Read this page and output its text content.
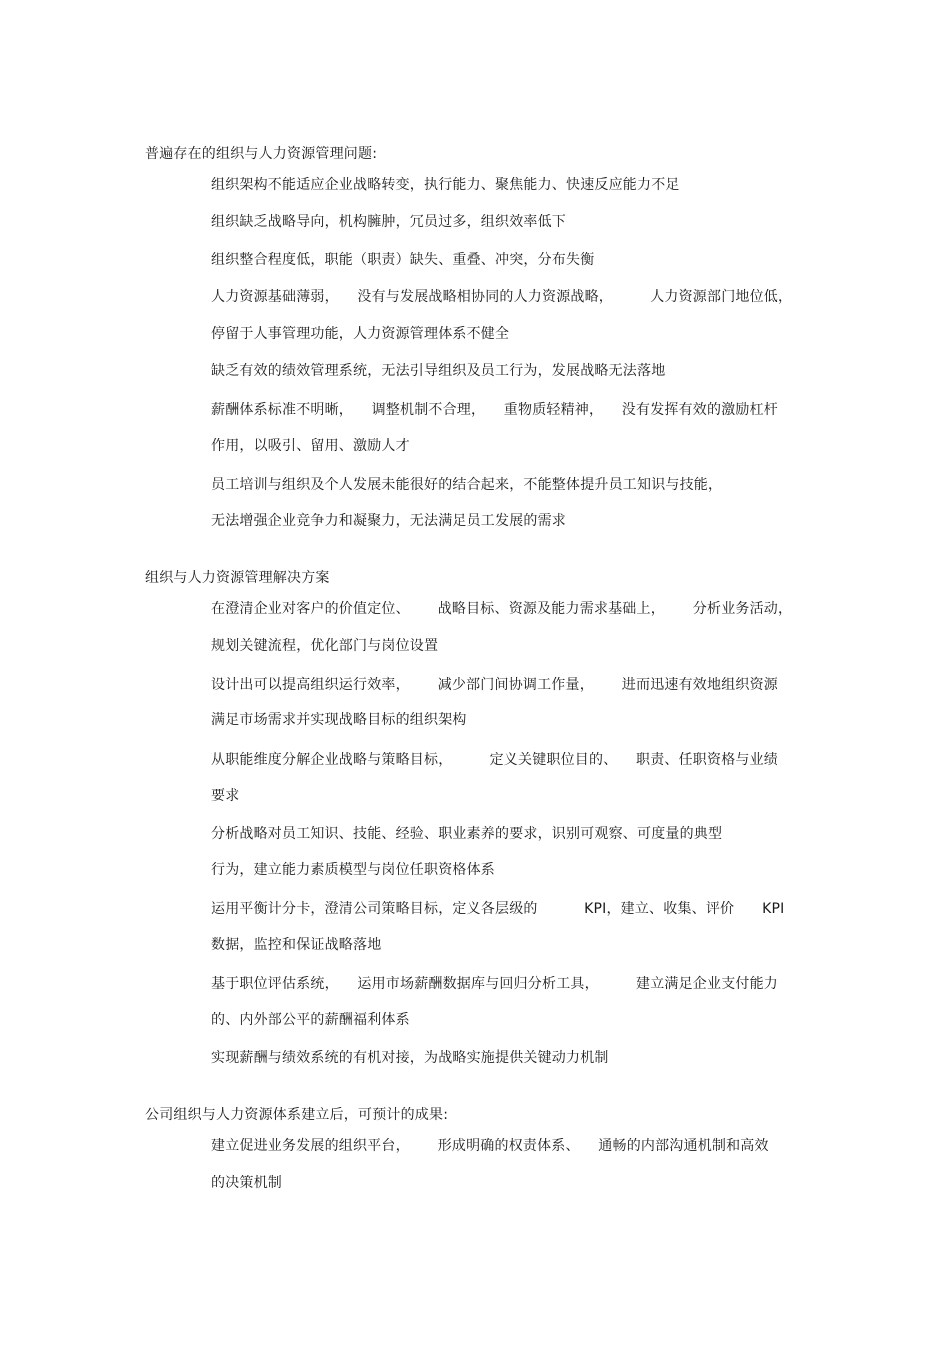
普遍存在的组织与人力资源管理问题:
组织架构不能适应企业战略转变，执行能力、聚焦能力、快速反应能力不足
组织缺乏战略导向，机构臃肿，冗员过多，组织效率低下
组织整合程度低，职能（职责）缺失、重叠、冲突，分布失衡
人力资源基础薄弱，    没有与发展战略相协同的人力资源战略，        人力资源部门地位低，
停留于人事管理功能，人力资源管理体系不健全
缺乏有效的绩效管理系统，无法引导组织及员工行为，发展战略无法落地
薪酬体系标准不明晰，    调整机制不合理，    重物质轻精神，    没有发挥有效的激励杠杆
作用，以吸引、留用、激励人才
员工培训与组织及个人发展未能很好的结合起来，不能整体提升员工知识与技能，
无法增强企业竞争力和凝聚力，无法满足员工发展的需求
组织与人力资源管理解决方案
在澄清企业对客户的价值定位、      战略目标、资源及能力需求基础上，      分析业务活动，
规划关键流程，优化部门与岗位设置
设计出可以提高组织运行效率，      减少部门间协调工作量，      进而迅速有效地组织资源
满足市场需求并实现战略目标的组织架构
从职能维度分解企业战略与策略目标，        定义关键职位目的、    职责、任职资格与业绩
要求
分析战略对员工知识、技能、经验、职业素养的要求，识别可观察、可度量的典型
行为，建立能力素质模型与岗位任职资格体系
运用平衡计分卡，澄清公司策略目标，定义各层级的          KPI，建立、收集、评价      KPI
数据，监控和保证战略落地
基于职位评估系统，    运用市场薪酬数据库与回归分析工具，        建立满足企业支付能力
的、内外部公平的薪酬福利体系
实现薪酬与绩效系统的有机对接，为战略实施提供关键动力机制
公司组织与人力资源体系建立后，可预计的成果:
建立促进业务发展的组织平台，      形成明确的权责体系、    通畅的内部沟通机制和高效
的决策机制
